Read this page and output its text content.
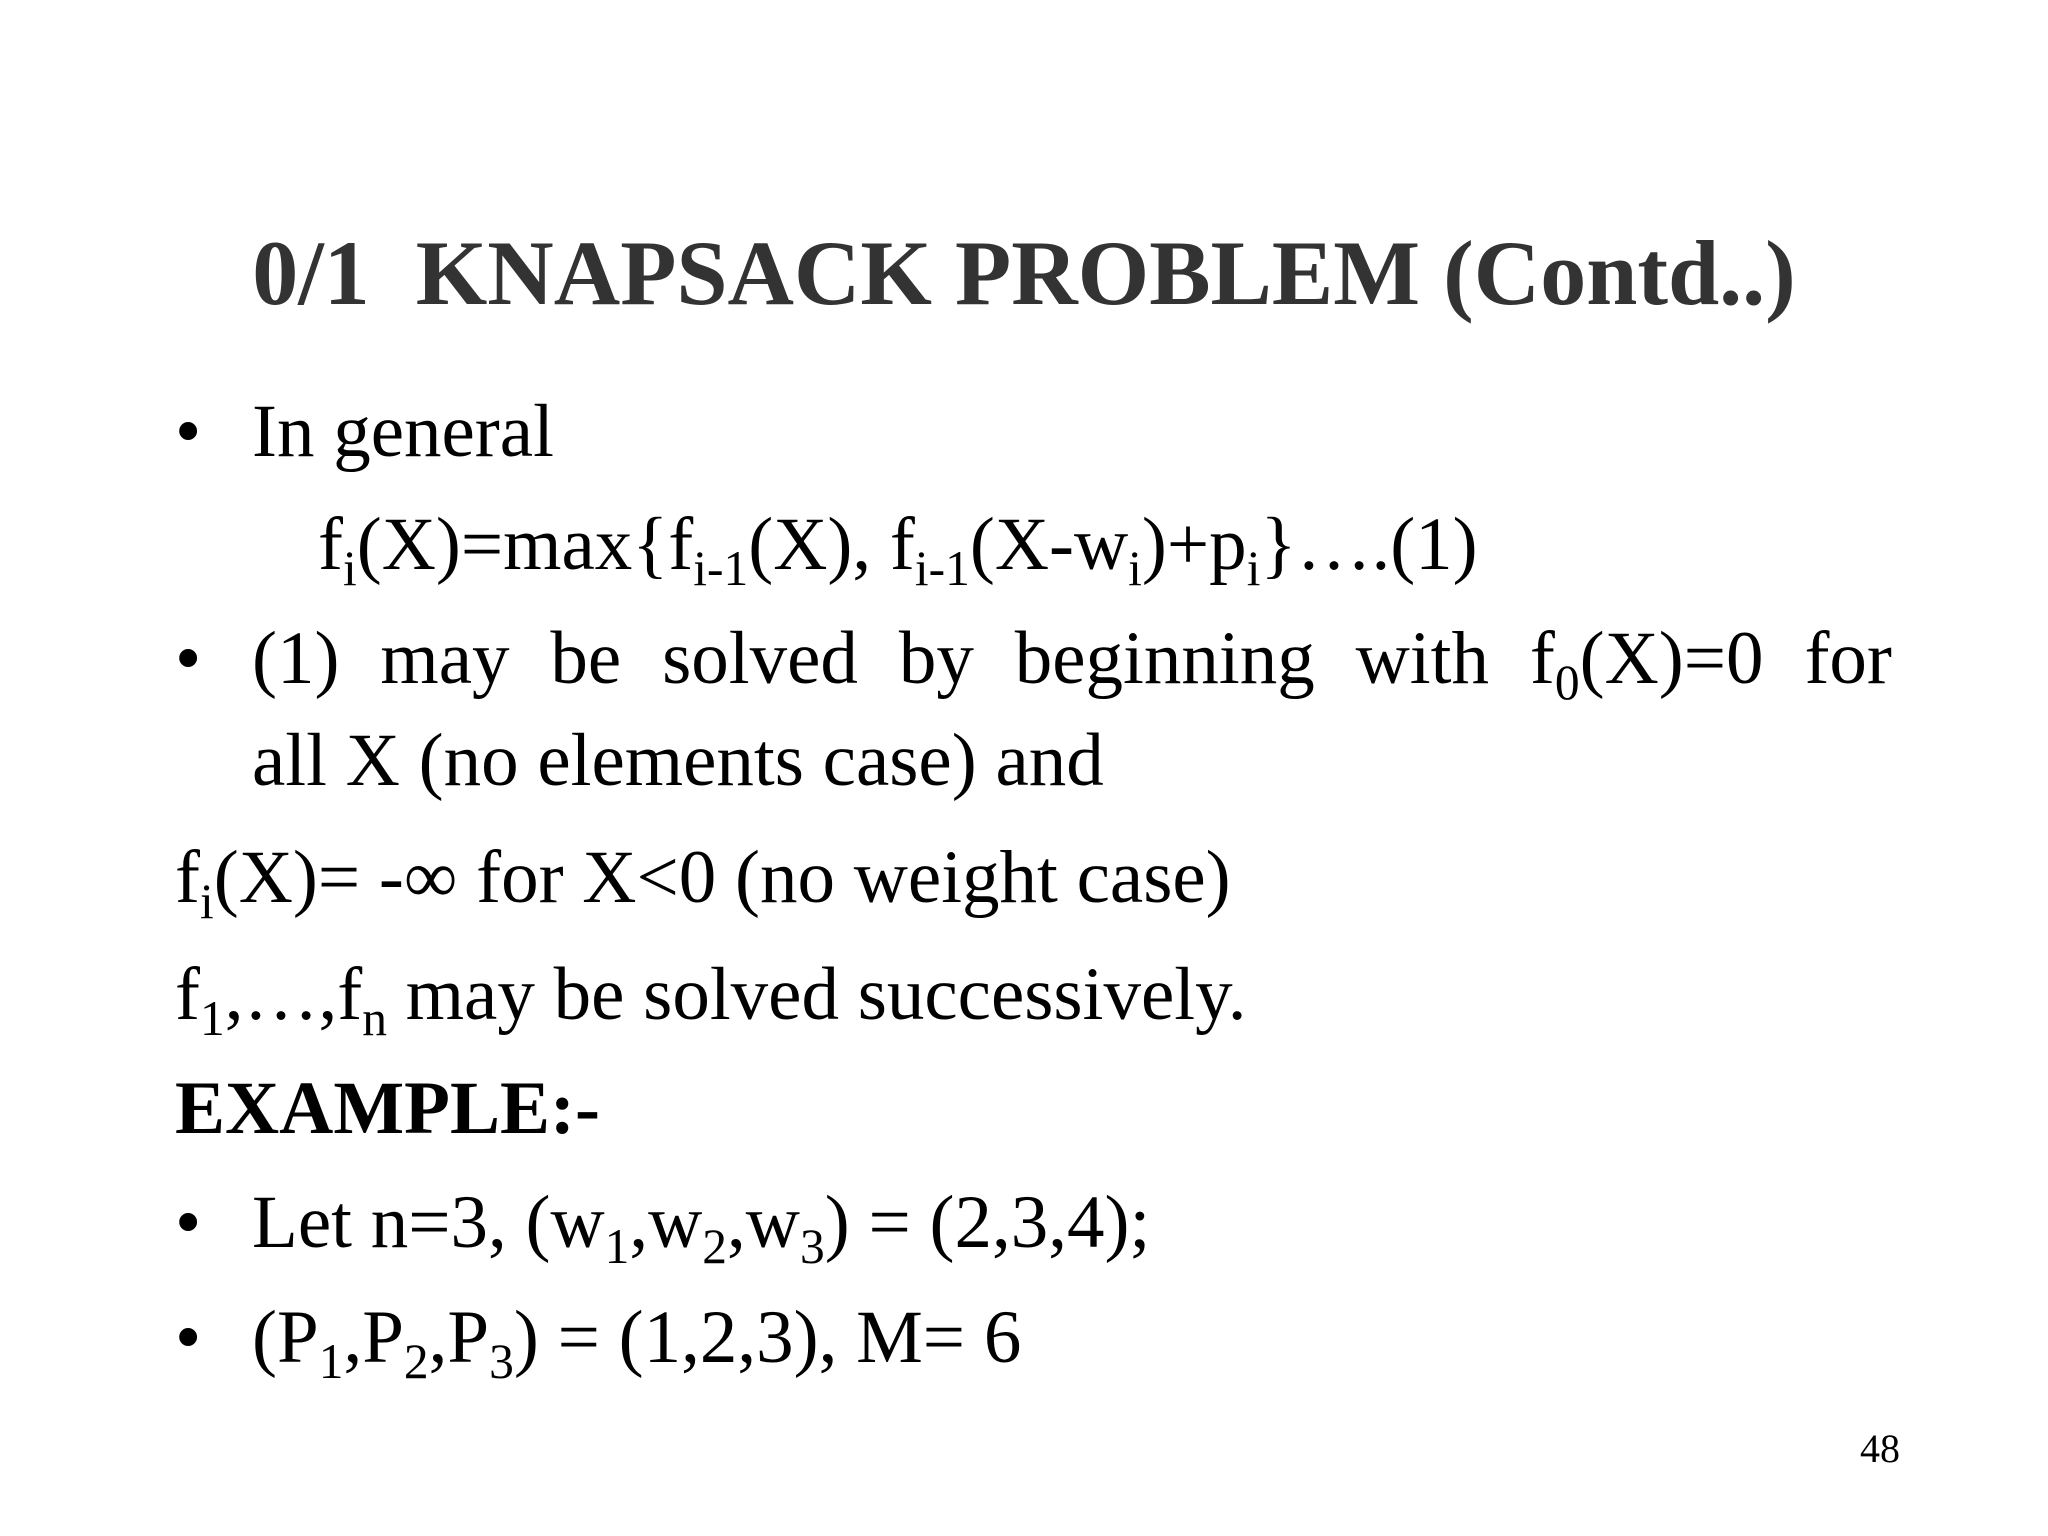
0/1  KNAPSACK PROBLEM (Contd..)
• In general
$f_i(X)=\max\{f_{i-1}(X)$, $f_{i-1}(X-w_i)+p_i\}\dots.(1)$
• (1) may be solved by beginning with $f_0(X)=0$ for
all X (no elements case) and
$f_i(X)=$ -∞ for X<0 (no weight case)
$f_1,\dots,f_n$ may be solved successively.
EXAMPLE:-
• Let n=3, $(w_1,w_2,w_3) = (2,3,4)$;
• $(P_1,P_2,P_3) = (1,2,3)$, M= 6
48
